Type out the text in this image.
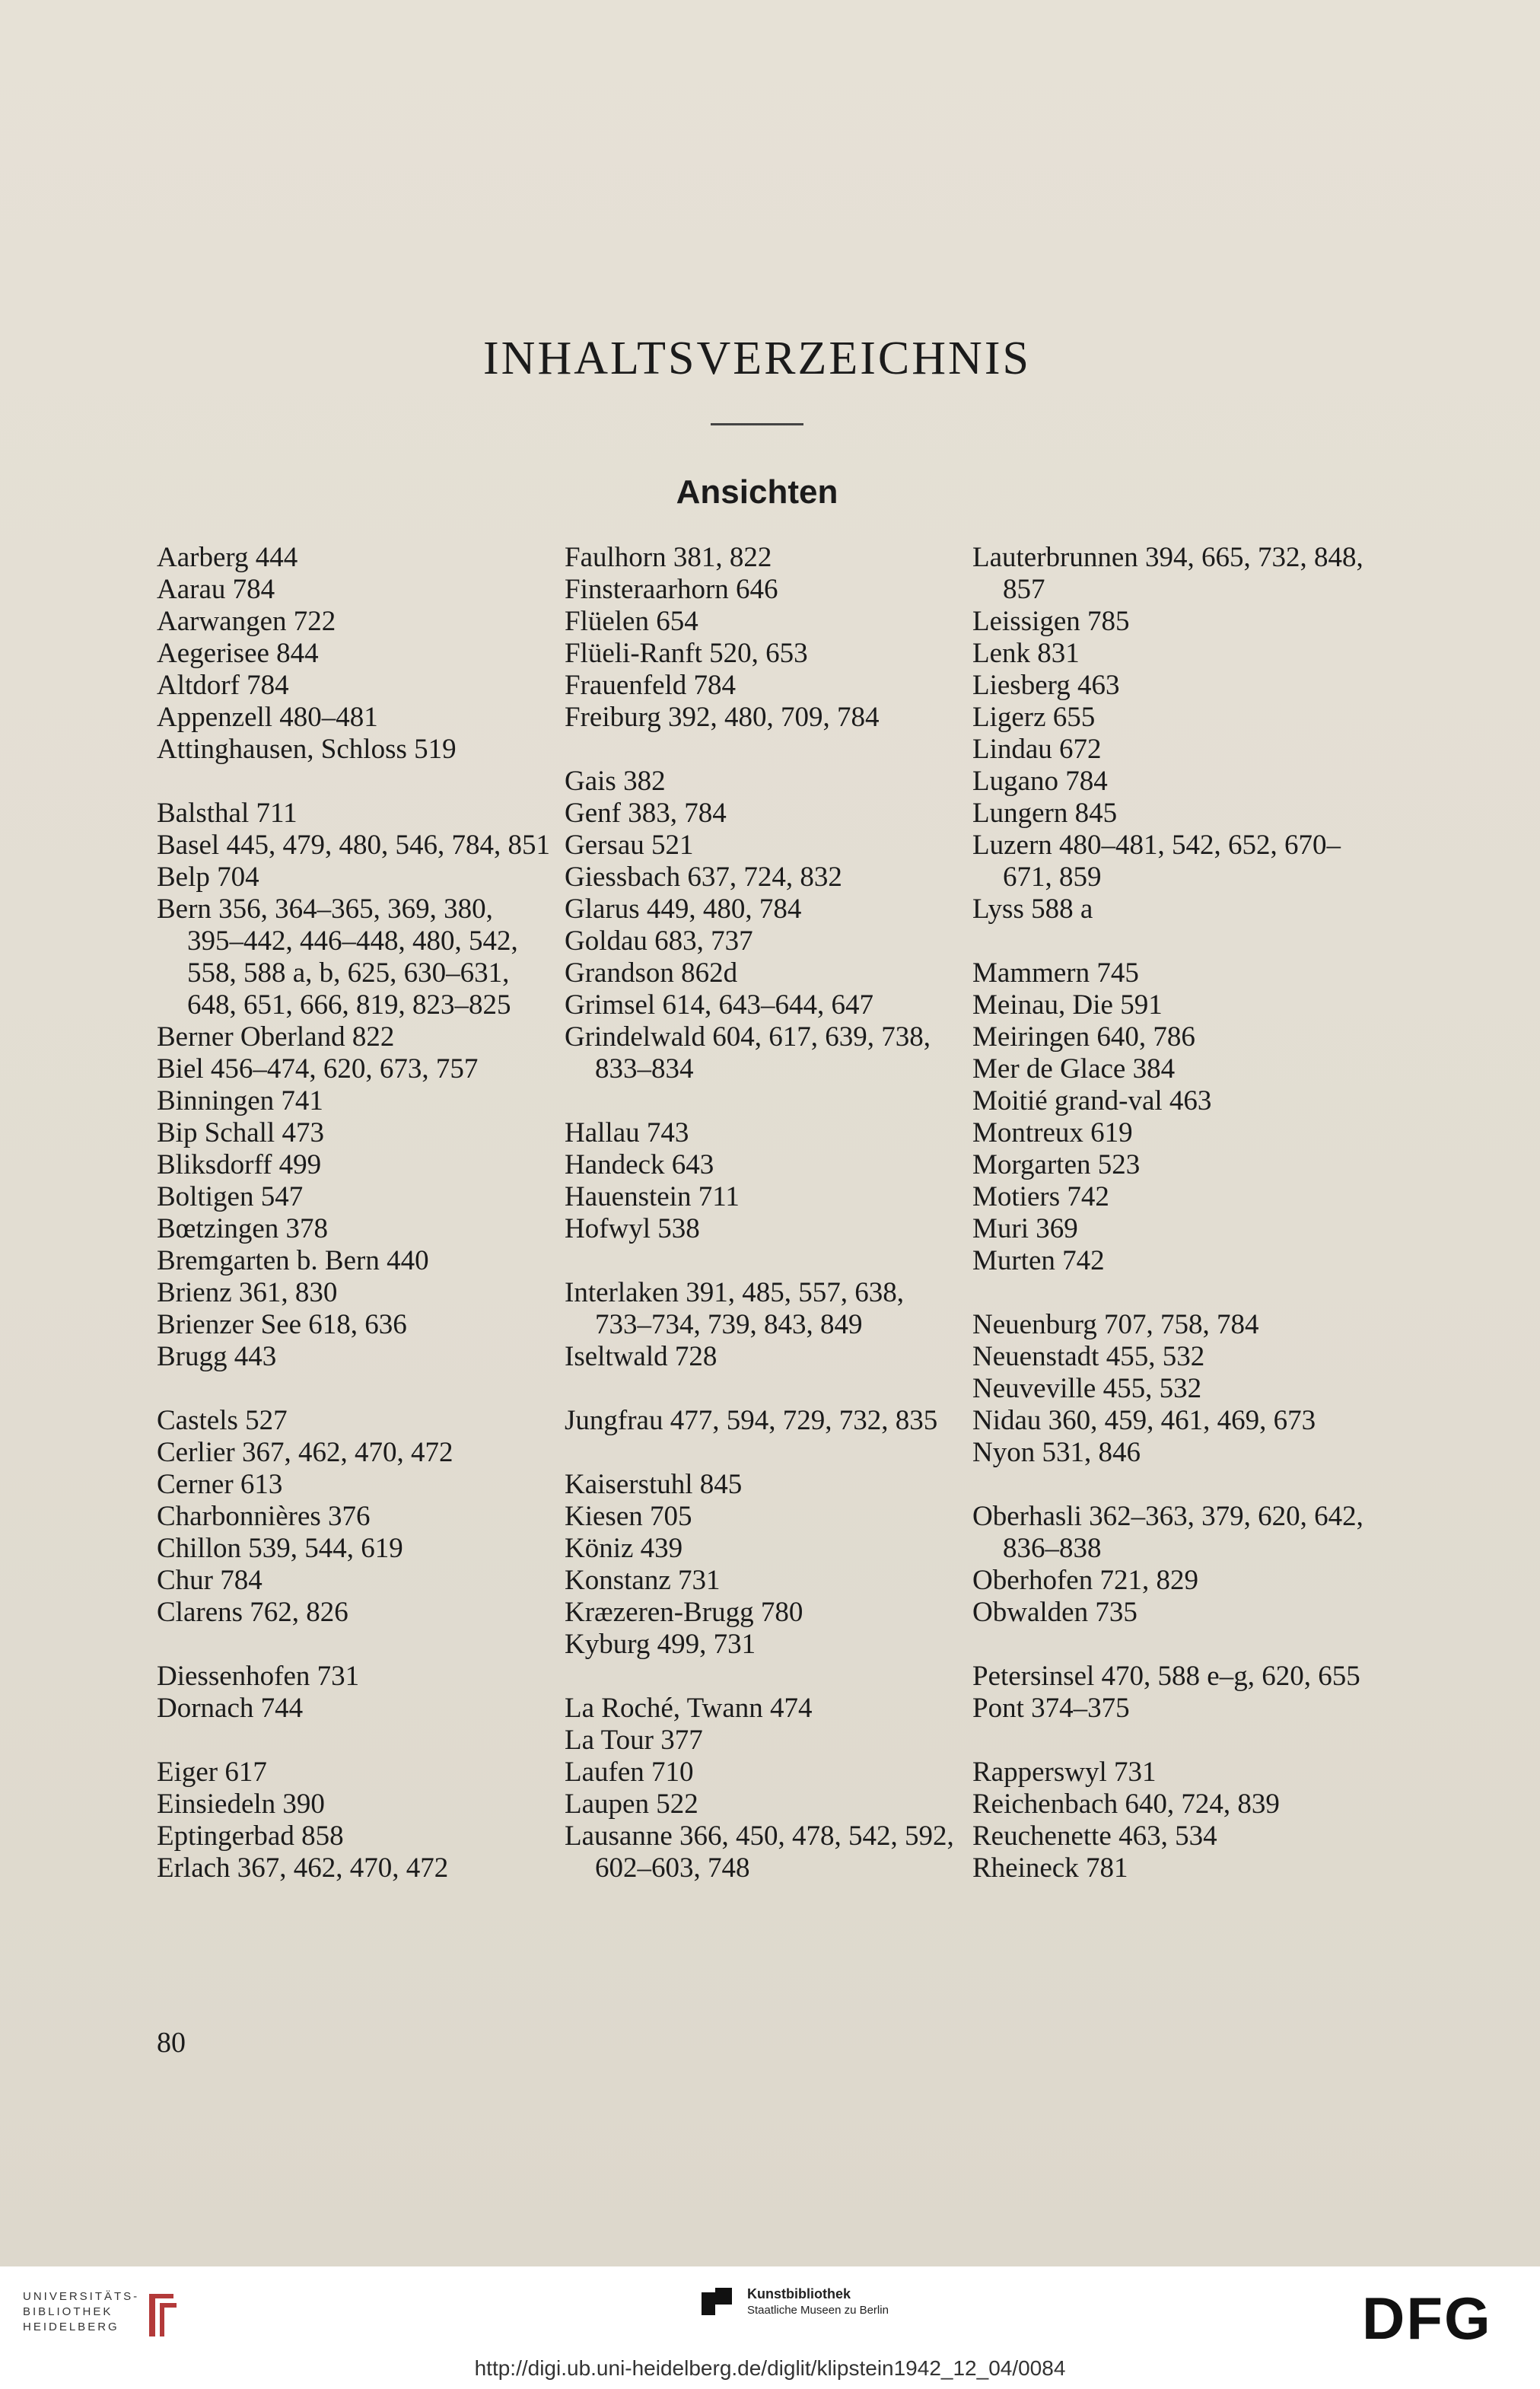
INHALTSVERZEICHNIS
Ansichten
Aarberg 444
Aarau 784
Aarwangen 722
Aegerisee 844
Altdorf 784
Appenzell 480–481
Attinghausen, Schloss 519
Balsthal 711
Basel 445, 479, 480, 546, 784, 851
Belp 704
Bern 356, 364–365, 369, 380, 395–442, 446–448, 480, 542, 558, 588 a, b, 625, 630–631, 648, 651, 666, 819, 823–825
Berner Oberland 822
Biel 456–474, 620, 673, 757
Binningen 741
Bip Schall 473
Bliksdorff 499
Boltigen 547
Bœtzingen 378
Bremgarten b. Bern 440
Brienz 361, 830
Brienzer See 618, 636
Brugg 443
Castels 527
Cerlier 367, 462, 470, 472
Cerner 613
Charbonnières 376
Chillon 539, 544, 619
Chur 784
Clarens 762, 826
Diessenhofen 731
Dornach 744
Eiger 617
Einsiedeln 390
Eptingerbad 858
Erlach 367, 462, 470, 472
Faulhorn 381, 822
Finsteraarhorn 646
Flüelen 654
Flüeli-Ranft 520, 653
Frauenfeld 784
Freiburg 392, 480, 709, 784
Gais 382
Genf 383, 784
Gersau 521
Giessbach 637, 724, 832
Glarus 449, 480, 784
Goldau 683, 737
Grandson 862d
Grimsel 614, 643–644, 647
Grindelwald 604, 617, 639, 738, 833–834
Hallau 743
Handeck 643
Hauenstein 711
Hofwyl 538
Interlaken 391, 485, 557, 638, 733–734, 739, 843, 849
Iseltwald 728
Jungfrau 477, 594, 729, 732, 835
Kaiserstuhl 845
Kiesen 705
Köniz 439
Konstanz 731
Kræzeren-Brugg 780
Kyburg 499, 731
La Roché, Twann 474
La Tour 377
Laufen 710
Laupen 522
Lausanne 366, 450, 478, 542, 592, 602–603, 748
Lauterbrunnen 394, 665, 732, 848, 857
Leissigen 785
Lenk 831
Liesberg 463
Ligerz 655
Lindau 672
Lugano 784
Lungern 845
Luzern 480–481, 542, 652, 670–671, 859
Lyss 588 a
Mammern 745
Meinau, Die 591
Meiringen 640, 786
Mer de Glace 384
Moitié grand-val 463
Montreux 619
Morgarten 523
Motiers 742
Muri 369
Murten 742
Neuenburg 707, 758, 784
Neuenstadt 455, 532
Neuveville 455, 532
Nidau 360, 459, 461, 469, 673
Nyon 531, 846
Oberhasli 362–363, 379, 620, 642, 836–838
Oberhofen 721, 829
Obwalden 735
Petersinsel 470, 588 e–g, 620, 655
Pont 374–375
Rapperswyl 731
Reichenbach 640, 724, 839
Reuchenette 463, 534
Rheineck 781
80
UNIVERSITÄTS-
BIBLIOTHEK
HEIDELBERG
Kunstbibliothek
Staatliche Museen zu Berlin	DFG
http://digi.ub.uni-heidelberg.de/diglit/klipstein1942_12_04/0084
